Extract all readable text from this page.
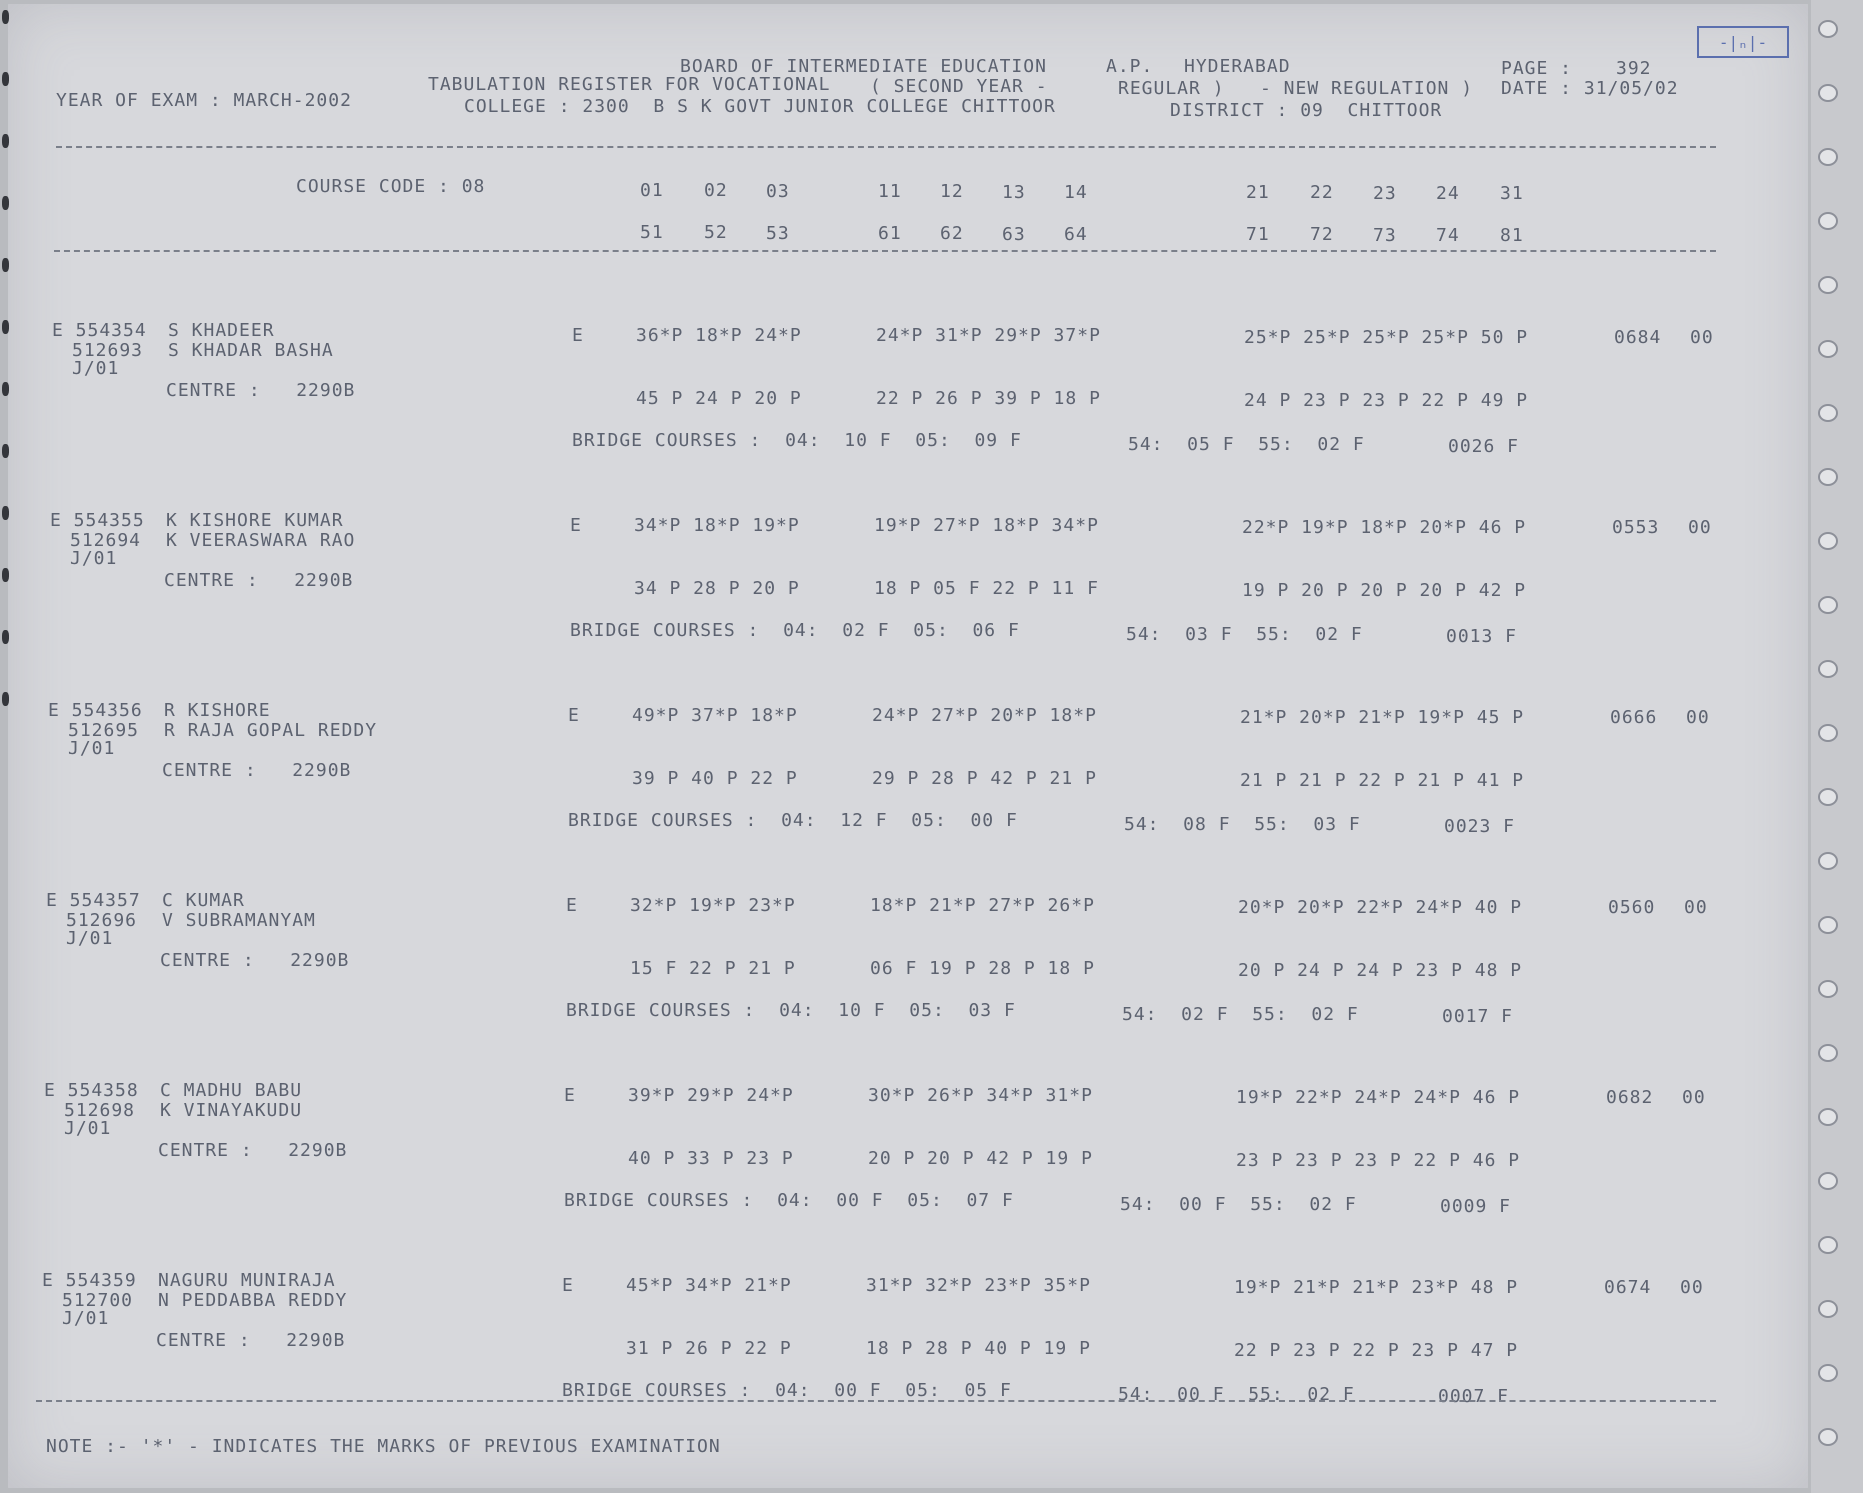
-|ₙ|-
BOARD OF INTERMEDIATE EDUCATION	A.P. HYDERABAD	PAGE : 392
TABULATION REGISTER FOR VOCATIONAL ( SECOND YEAR -	REGULAR ) - NEW REGULATION ) DATE : 31/05/02
YEAR OF EXAM : MARCH-2002	COLLEGE : 2300  B S K GOVT JUNIOR COLLEGE CHITTOOR	DISTRICT : 09  CHITTOOR
COURSE CODE : 08	01 02 03	11 12 13 14	21 22 23 24 31
51 52 53	61 62 63 64	71 72 73 74 81
E 554354 S KHADEER
512693 S KHADAR BASHA
J/01
CENTRE :   2290B
E	36*P 18*P 24*P	24*P 31*P 29*P 37*P	25*P 25*P 25*P 25*P 50 P	0684 00
45 P 24 P 20 P	22 P 26 P 39 P 18 P	24 P 23 P 23 P 22 P 49 P
BRIDGE COURSES :  04:  10 F  05:  09 F	54:  05 F  55:  02 F	0026 F
E 554355 K KISHORE KUMAR
512694 K VEERASWARA RAO
J/01
CENTRE :   2290B
E	34*P 18*P 19*P	19*P 27*P 18*P 34*P	22*P 19*P 18*P 20*P 46 P	0553 00
34 P 28 P 20 P	18 P 05 F 22 P 11 F	19 P 20 P 20 P 20 P 42 P
BRIDGE COURSES :  04:  02 F  05:  06 F	54:  03 F  55:  02 F	0013 F
E 554356 R KISHORE
512695 R RAJA GOPAL REDDY
J/01
CENTRE :   2290B
E	49*P 37*P 18*P	24*P 27*P 20*P 18*P	21*P 20*P 21*P 19*P 45 P	0666 00
39 P 40 P 22 P	29 P 28 P 42 P 21 P	21 P 21 P 22 P 21 P 41 P
BRIDGE COURSES :  04:  12 F  05:  00 F	54:  08 F  55:  03 F	0023 F
E 554357 C KUMAR
512696 V SUBRAMANYAM
J/01
CENTRE :   2290B
E	32*P 19*P 23*P	18*P 21*P 27*P 26*P	20*P 20*P 22*P 24*P 40 P	0560 00
15 F 22 P 21 P	06 F 19 P 28 P 18 P	20 P 24 P 24 P 23 P 48 P
BRIDGE COURSES :  04:  10 F  05:  03 F	54:  02 F  55:  02 F	0017 F
E 554358 C MADHU BABU
512698 K VINAYAKUDU
J/01
CENTRE :   2290B
E	39*P 29*P 24*P	30*P 26*P 34*P 31*P	19*P 22*P 24*P 24*P 46 P	0682 00
40 P 33 P 23 P	20 P 20 P 42 P 19 P	23 P 23 P 23 P 22 P 46 P
BRIDGE COURSES :  04:  00 F  05:  07 F	54:  00 F  55:  02 F	0009 F
E 554359 NAGURU MUNIRAJA
512700 N PEDDABBA REDDY
J/01
CENTRE :   2290B
E	45*P 34*P 21*P	31*P 32*P 23*P 35*P	19*P 21*P 21*P 23*P 48 P	0674 00
31 P 26 P 22 P	18 P 28 P 40 P 19 P	22 P 23 P 22 P 23 P 47 P
BRIDGE COURSES :  04:  00 F  05:  05 F	54:  00 F  55:  02 F	0007 F
NOTE :- '*' - INDICATES THE MARKS OF PREVIOUS EXAMINATION
